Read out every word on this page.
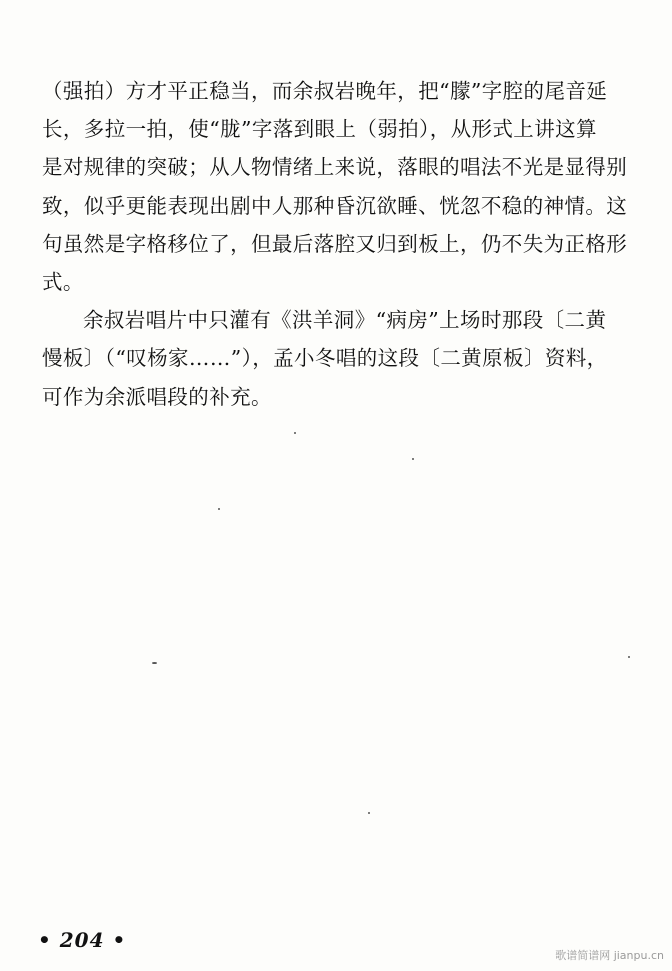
（强拍）方才平正稳当，而余叔岩晚年，把“朦”字腔的尾音延
长，多拉一拍，使“胧”字落到眼上（弱拍），从形式上讲这算
是对规律的突破；从人物情绪上来说，落眼的唱法不光是显得别
致，似乎更能表现出剧中人那种昏沉欲睡、恍忽不稳的神情。这
句虽然是字格移位了，但最后落腔又归到板上，仍不失为正格形
式。
余叔岩唱片中只灌有《洪羊洞》“病房”上场时那段〔二黄
慢板〕（“叹杨家……”），孟小冬唱的这段〔二黄原板〕资料，
可作为余派唱段的补充。
• 204 •
歌谱简谱网 jianpu.cn
